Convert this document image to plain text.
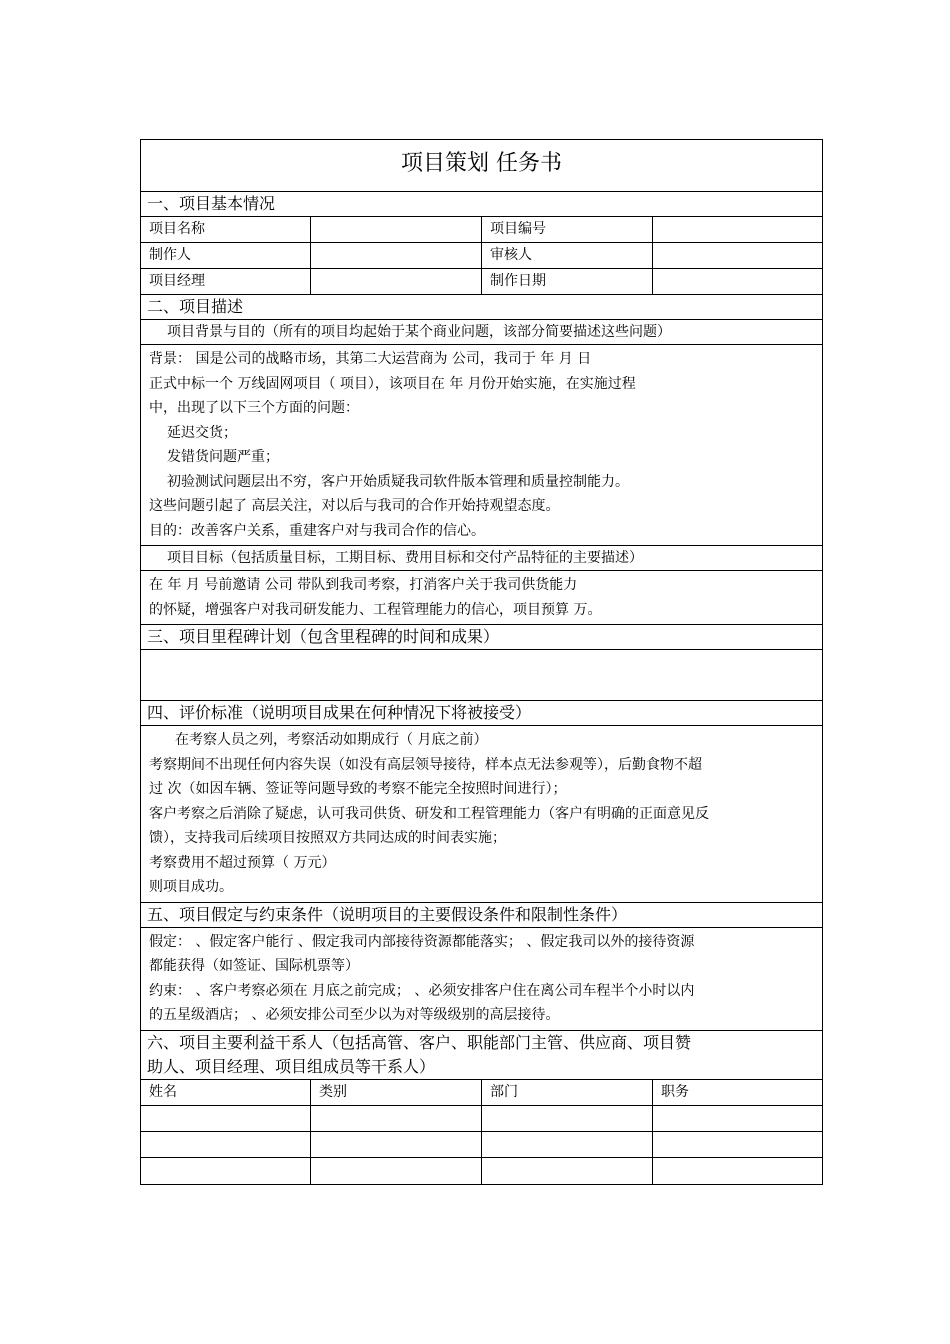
项目策划 任务书
一、项目基本情况
项目名称	项目编号
制作人	审核人
项目经理	制作日期
二、项目描述
项目背景与目的（所有的项目均起始于某个商业问题，该部分简要描述这些问题）

背景： 国是公司的战略市场，其第二大运营商为 公司，我司于 年 月 日

正式中标一个 万线固网项目（ 项目），该项目在 年 月份开始实施，在实施过程

中，出现了以下三个方面的问题：

延迟交货；

发错货问题严重；

初验测试问题层出不穷，客户开始质疑我司软件版本管理和质量控制能力。

这些问题引起了 高层关注，对以后与我司的合作开始持观望态度。

目的：改善客户关系，重建客户对与我司合作的信心。

项目目标（包括质量目标，工期目标、费用目标和交付产品特征的主要描述）

在 年 月 号前邀请 公司 带队到我司考察，打消客户关于我司供货能力

的怀疑，增强客户对我司研发能力、工程管理能力的信心，项目预算 万。

三、项目里程碑计划（包含里程碑的时间和成果）
四、评价标准（说明项目成果在何种情况下将被接受）

在考察人员之列，考察活动如期成行（ 月底之前）

考察期间不出现任何内容失误（如没有高层领导接待，样本点无法参观等），后勤食物不超

过 次（如因车辆、签证等问题导致的考察不能完全按照时间进行）；

客户考察之后消除了疑虑，认可我司供货、研发和工程管理能力（客户有明确的正面意见反

馈），支持我司后续项目按照双方共同达成的时间表实施；

考察费用不超过预算（ 万元）

则项目成功。

五、项目假定与约束条件（说明项目的主要假设条件和限制性条件）

假定： 、假定客户能行 、假定我司内部接待资源都能落实； 、假定我司以外的接待资源

都能获得（如签证、国际机票等）

约束： 、客户考察必须在 月底之前完成； 、必须安排客户住在离公司车程半个小时以内

的五星级酒店； 、必须安排公司至少以为对等级级别的高层接待。

六、项目主要利益干系人（包括高管、客户、职能部门主管、供应商、项目赞
助人、项目经理、项目组成员等干系人）
姓名	类别	部门	职务
